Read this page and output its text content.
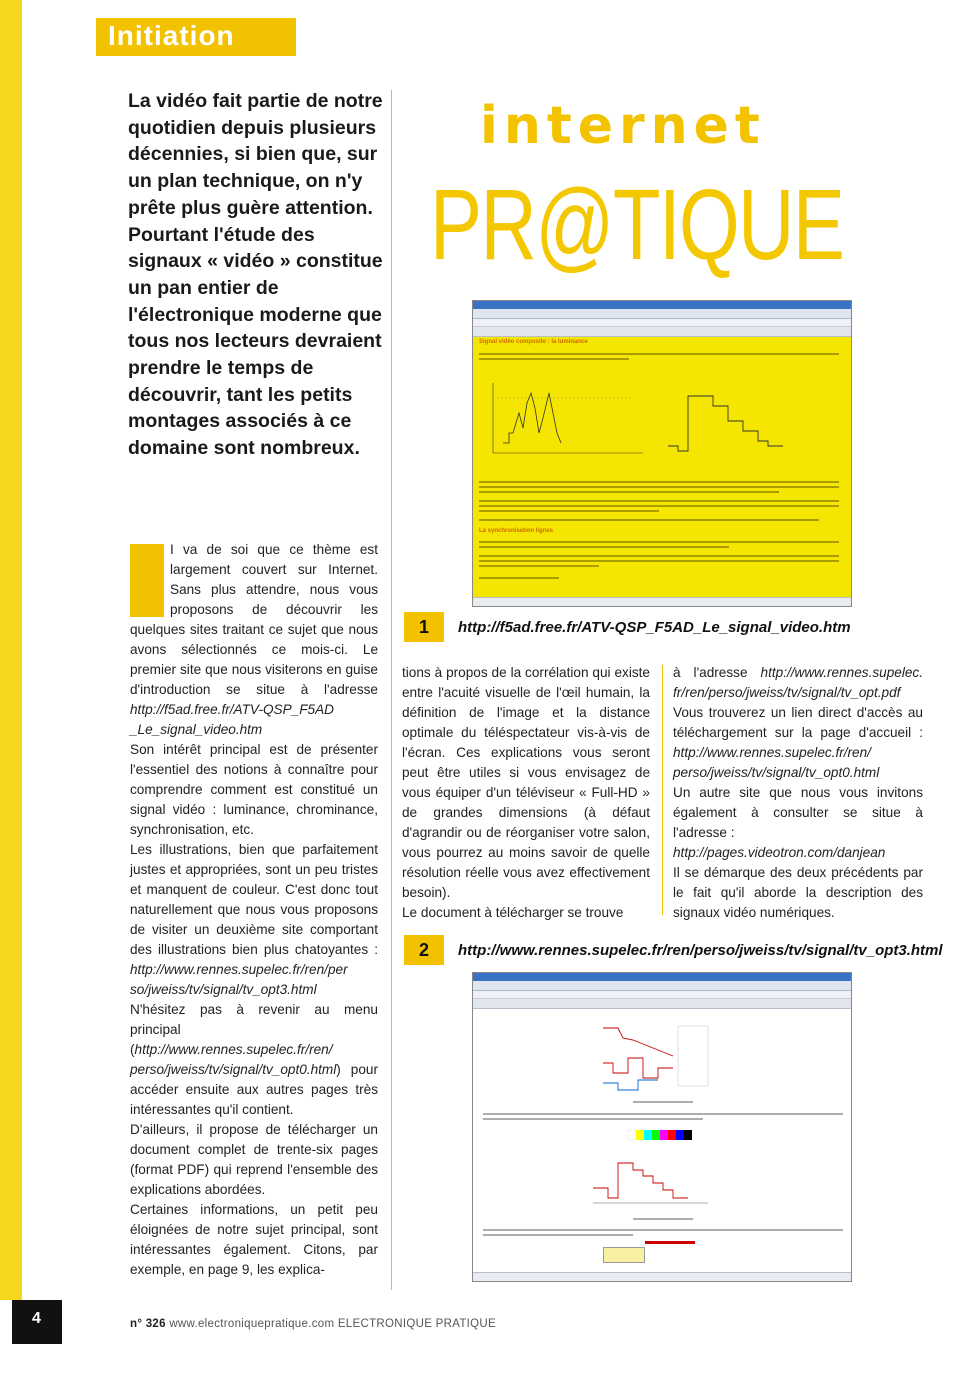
Initiation
La vidéo fait partie de notre quotidien depuis plusieurs décennies, si bien que, sur un plan technique, on n'y prête plus guère attention. Pourtant l'étude des signaux « vidéo » constitue un pan entier de l'électronique moderne que tous nos lecteurs devraient prendre le temps de découvrir, tant les petits montages associés à ce domaine sont nombreux.
internet
PR@TIQUE
Signal vidéo composite : la luminance
La synchronisation lignes
1	http://f5ad.free.fr/ATV-QSP_F5AD_Le_signal_video.htm

I va de soi que ce thème est largement couvert sur Internet. Sans plus attendre, nous vous proposons de découvrir les quelques sites traitant ce sujet que nous avons sélectionnés ce mois-ci. Le premier site que nous visiterons en guise d'introduction se situe à l'adresse http://f5ad.free.fr/ATV-QSP_F5AD _Le_signal_video.htm

Son intérêt principal est de présenter l'essentiel des notions à connaître pour comprendre comment est constitué un signal vidéo : luminance, chrominance, synchronisation, etc.

Les illustrations, bien que parfaitement justes et appropriées, sont un peu tristes et manquent de couleur. C'est donc tout naturellement que nous vous proposons de visiter un deuxième site comportant des illustrations bien plus chatoyantes : http://www.rennes.supelec.fr/ren/per so/jweiss/tv/signal/tv_opt3.html

N'hésitez pas à revenir au menu principal (http://www.rennes.supelec.fr/ren/ perso/jweiss/tv/signal/tv_opt0.html) pour accéder ensuite aux autres pages très intéressantes qu'il contient.

D'ailleurs, il propose de télécharger un document complet de trente-six pages (format PDF) qui reprend l'ensemble des explications abordées.

Certaines informations, un petit peu éloignées de notre sujet principal, sont intéressantes également. Citons, par exemple, en page 9, les explica-

tions à propos de la corrélation qui existe entre l'acuité visuelle de l'œil humain, la définition de l'image et la distance optimale du téléspectateur vis-à-vis de l'écran. Ces explications vous seront peut être utiles si vous envisagez de vous équiper d'un téléviseur « Full-HD » de grandes dimensions (à défaut d'agrandir ou de réorganiser votre salon, vous pourrez au moins savoir de quelle résolution réelle vous avez effectivement besoin).

Le document à télécharger se trouve

à l'adresse http://www.rennes.supelec. fr/ren/perso/jweiss/tv/signal/tv_opt.pdf

Vous trouverez un lien direct d'accès au téléchargement sur la page d'accueil : http://www.rennes.supelec.fr/ren/ perso/jweiss/tv/signal/tv_opt0.html

Un autre site que nous vous invitons également à consulter se situe à l'adresse :

http://pages.videotron.com/danjean

Il se démarque des deux précédents par le fait qu'il aborde la description des signaux vidéo numériques.

2	http://www.rennes.supelec.fr/ren/perso/jweiss/tv/signal/tv_opt3.html
4	n° 326 www.electroniquepratique.com ELECTRONIQUE PRATIQUE
